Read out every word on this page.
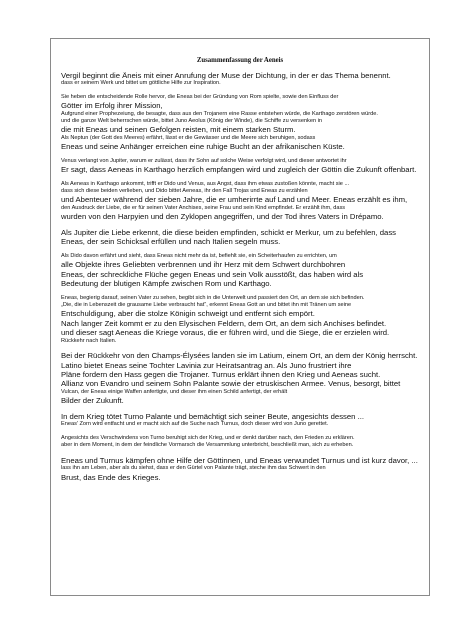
Zusammenfassung der Aeneis
Vergil beginnt die Äneis mit einer Anrufung der Muse der Dichtung, in der er das Thema benennt.
dass er seinem Werk und bittet um göttliche Hilfe zur Inspiration.
Sie heben die entscheidende Rolle hervor, die Eneas bei der Gründung von Rom spielte, sowie den Einfluss der
Götter im Erfolg ihrer Mission,
Aufgrund einer Prophezeiung, die besagte, dass aus den Trojanern eine Rasse entstehen würde, die Karthago zerstören würde.
und die ganze Welt beherrschen würde, bittet Juno Aeolus (König der Winde), die Schiffe zu versenken in
die mit Eneas und seinen Gefolgen reisten, mit einem starken Sturm.
Als Neptun (der Gott des Meeres) erfährt, lässt er die Gewässer und die Meere sich beruhigen, sodass
Eneas und seine Anhänger erreichen eine ruhige Bucht an der afrikanischen Küste.
Venus verlangt von Jupiter, warum er zulässt, dass ihr Sohn auf solche Weise verfolgt wird, und dieser antwortet ihr
Er sagt, dass Aeneas in Karthago herzlich empfangen wird und zugleich der Göttin die Zukunft offenbart.
Als Aeneas in Karthago ankommt, trifft er Dido und Venus, aus Angst, dass ihm etwas zustoßen könnte, macht sie ...
dass sich diese beiden verlieben, und Dido bittet Aeneas, ihr den Fall Trojas und Eneas zu erzählen
und Abenteuer während der sieben Jahre, die er umherirrte auf Land und Meer. Eneas erzählt es ihm,
den Ausdruck der Liebe, die er für seinen Vater Anchises, seine Frau und sein Kind empfindet. Er erzählt ihm, dass
wurden von den Harpyien und den Zyklopen angegriffen, und der Tod ihres Vaters in Drépamo.
Als Jupiter die Liebe erkennt, die diese beiden empfinden, schickt er Merkur, um zu befehlen, dass
Eneas, der sein Schicksal erfüllen und nach Italien segeln muss.
Als Dido davon erfährt und sieht, dass Eneas nicht mehr da ist, befiehlt sie, ein Scheiterhaufen zu errichten, um
alle Objekte ihres Geliebten verbrennen und ihr Herz mit dem Schwert durchbohren
Eneas, der schreckliche Flüche gegen Eneas und sein Volk ausstößt, das haben wird als
Bedeutung der blutigen Kämpfe zwischen Rom und Karthago.
Eneas, begierig darauf, seinen Vater zu sehen, begibt sich in die Unterwelt und passiert den Ort, an dem sie sich befinden.
„Die, die in Lebenszeit die grausame Liebe verbraucht hat“, erkennt Eneas Gott an und bittet ihn mit Tränen um seine
Entschuldigung, aber die stolze Königin schweigt und entfernt sich empört.
Nach langer Zeit kommt er zu den Elysischen Feldern, dem Ort, an dem sich Anchises befindet.
und dieser sagt Aeneas die Kriege voraus, die er führen wird, und die Siege, die er erzielen wird.
Rückkehr nach Italien.
Bei der Rückkehr von den Champs-Élysées landen sie im Latium, einem Ort, an dem der König herrscht.
Latino bietet Eneas seine Tochter Lavinia zur Heiratsantrag an. Als Juno frustriert ihre
Pläne fordern den Hass gegen die Trojaner. Turnus erklärt ihnen den Krieg und Aeneas sucht.
Allianz von Evandro und seinem Sohn Palante sowie der etruskischen Armee. Venus, besorgt, bittet
Vulcan, der Eneas einige Waffen anfertigte, und dieser ihm einen Schild anfertigt, der erhält
Bilder der Zukunft.
In dem Krieg tötet Turno Palante und bemächtigt sich seiner Beute, angesichts dessen ...
Eneas' Zorn wird entfacht und er macht sich auf die Suche nach Turnus, doch dieser wird von Juno gerettet.
Angesichts des Verschwindens von Turno beruhigt sich der Krieg, und er denkt darüber nach, den Frieden zu erklären.
aber in dem Moment, in dem der feindliche Vormarsch die Versammlung unterbricht, beschließt man, sich zu erheben.
Eneas und Turnus kämpfen ohne Hilfe der Göttinnen, und Eneas verwundet Turnus und ist kurz davor, ...
lass ihn am Leben, aber als du siehst, dass er den Gürtel von Palante trägt, steche ihm das Schwert in den
Brust, das Ende des Krieges.
